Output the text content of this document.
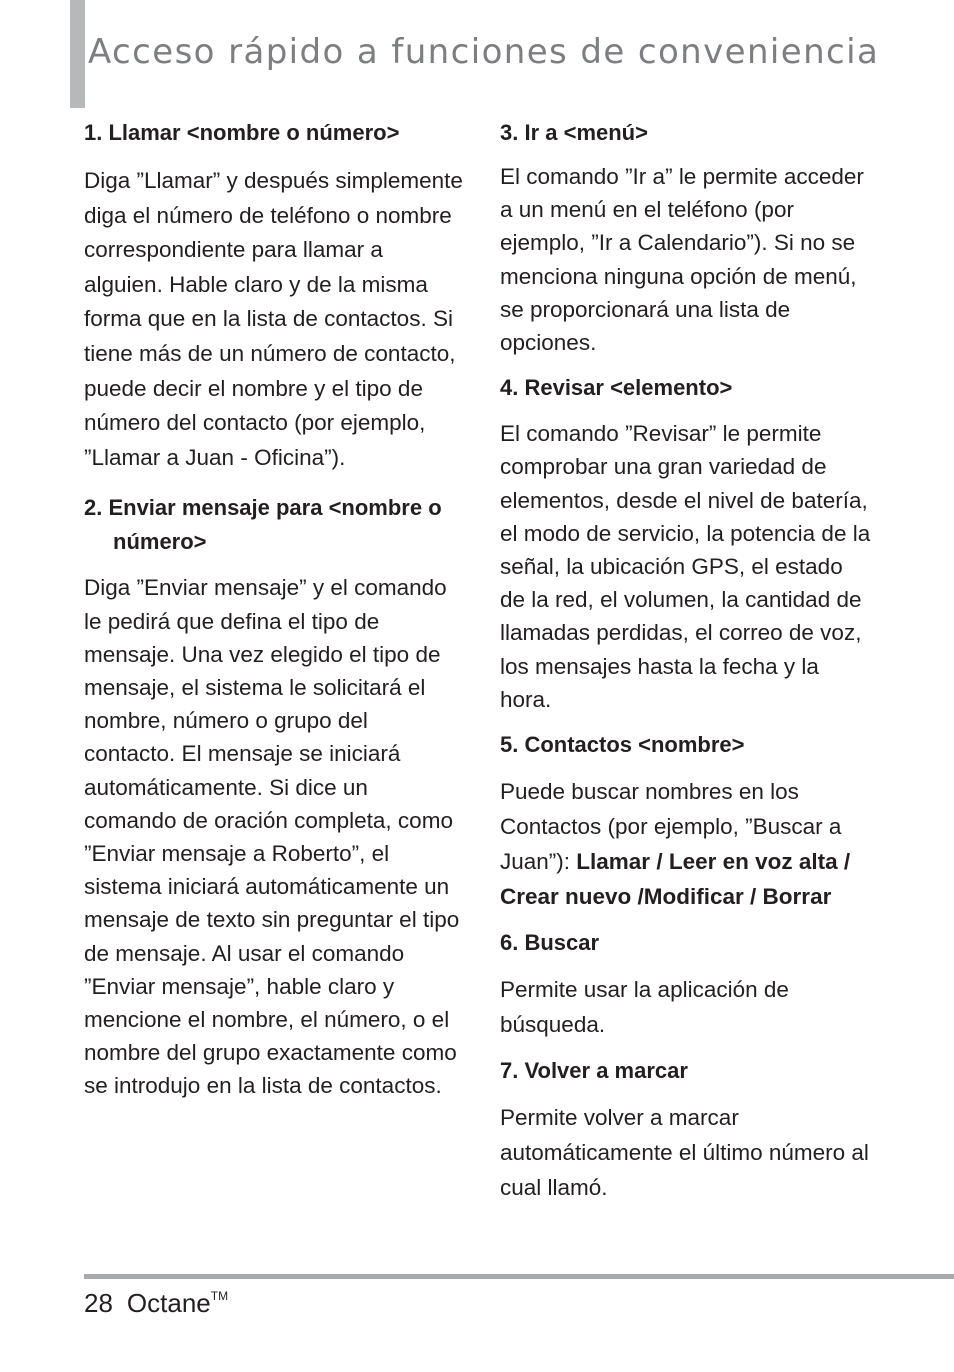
Acceso rápido a funciones de conveniencia

1. Llamar <nombre o número>

Diga ”Llamar” y después simplemente diga el número de teléfono o nombre correspondiente para llamar a alguien. Hable claro y de la misma forma que en la lista de contactos. Si tiene más de un número de contacto, puede decir el nombre y el tipo de número del contacto (por ejemplo, ”Llamar a Juan - Oficina”).

2. Enviar mensaje para <nombre o número>

Diga ”Enviar mensaje” y el comando le pedirá que defina el tipo de mensaje. Una vez elegido el tipo de mensaje, el sistema le solicitará el nombre, número o grupo del contacto. El mensaje se iniciará automáticamente. Si dice un comando de oración completa, como ”Enviar mensaje a Roberto”, el sistema iniciará automáticamente un mensaje de texto sin preguntar el tipo de mensaje. Al usar el comando ”Enviar mensaje”, hable claro y mencione el nombre, el número, o el nombre del grupo exactamente como se introdujo en la lista de contactos.

3. Ir a <menú>

El comando ”Ir a” le permite acceder a un menú en el teléfono (por ejemplo, ”Ir a Calendario”). Si no se menciona ninguna opción de menú, se proporcionará una lista de opciones.

4. Revisar <elemento>

El comando ”Revisar” le permite comprobar una gran variedad de elementos, desde el nivel de batería, el modo de servicio, la potencia de la señal, la ubicación GPS, el estado de la red, el volumen, la cantidad de llamadas perdidas, el correo de voz, los mensajes hasta la fecha y la hora.

5. Contactos <nombre>

Puede buscar nombres en los Contactos (por ejemplo, ”Buscar a Juan”): Llamar / Leer en voz alta / Crear nuevo /Modificar / Borrar

6. Buscar

Permite usar la aplicación de búsqueda.

7. Volver a marcar

Permite volver a marcar automáticamente el último número al cual llamó.

28 Octane™
